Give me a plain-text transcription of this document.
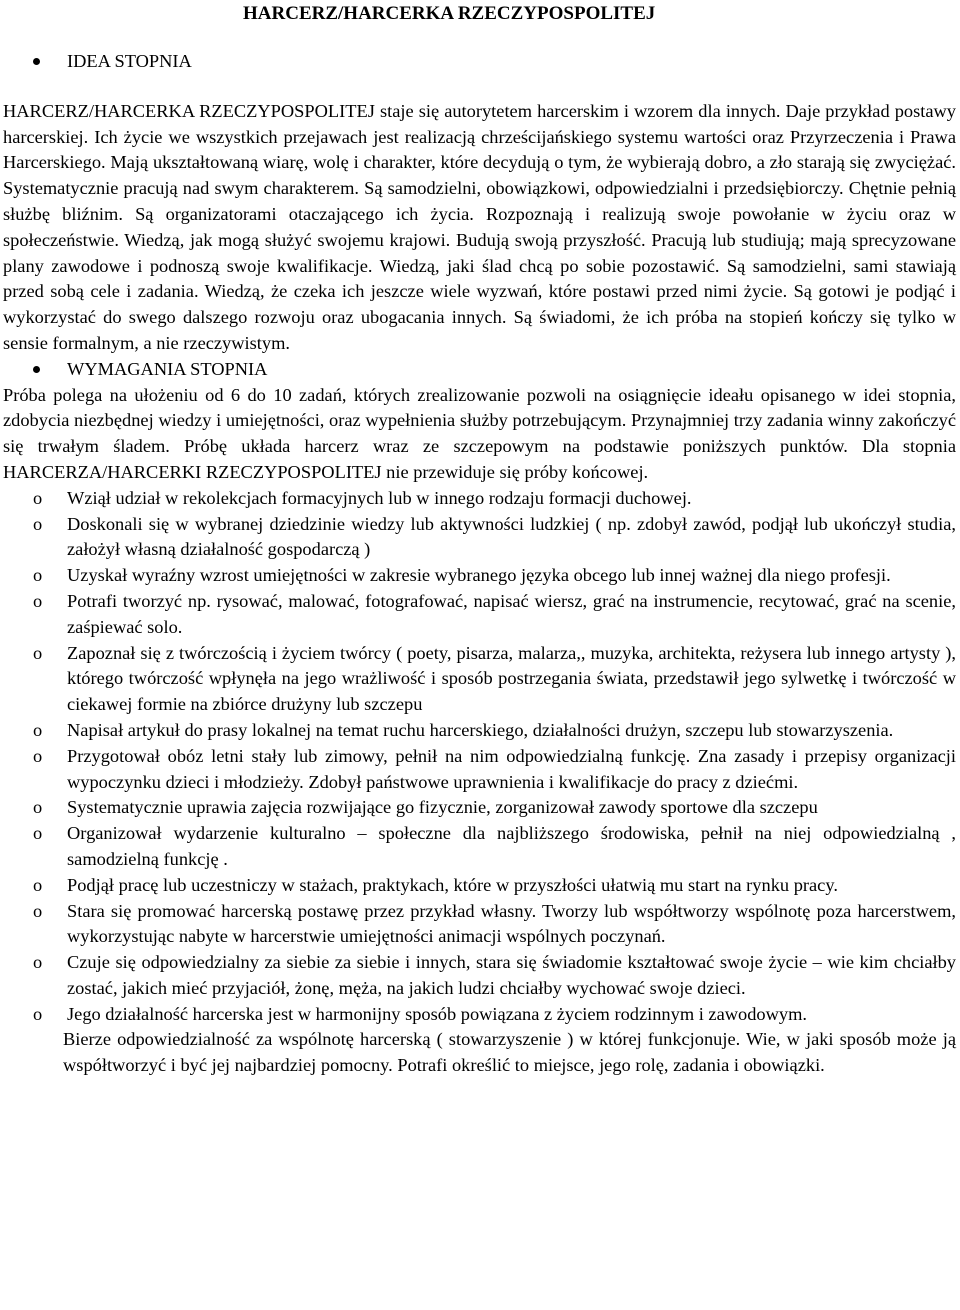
HARCERZ/HARCERKA RZECZYPOSPOLITEJ
IDEA STOPNIA

HARCERZ/HARCERKA RZECZYPOSPOLITEJ staje się autorytetem harcerskim i wzorem dla innych. Daje przykład postawy harcerskiej. Ich życie we wszystkich przejawach jest realizacją chrześcijańskiego systemu wartości oraz Przyrzeczenia i Prawa Harcerskiego. Mają ukształtowaną wiarę, wolę i charakter, które decydują o tym, że wybierają dobro, a zło starają się zwyciężać. Systematycznie pracują nad swym charakterem. Są samodzielni, obowiązkowi, odpowiedzialni i przedsiębiorczy. Chętnie pełnią służbę bliźnim. Są organizatorami otaczającego ich życia. Rozpoznają i realizują swoje powołanie w życiu oraz w społeczeństwie. Wiedzą, jak mogą służyć swojemu krajowi. Budują swoją przyszłość. Pracują lub studiują; mają sprecyzowane plany zawodowe i podnoszą swoje kwalifikacje. Wiedzą, jaki ślad chcą po sobie pozostawić. Są samodzielni, sami stawiają przed sobą cele i zadania. Wiedzą, że czeka ich jeszcze wiele wyzwań, które postawi przed nimi życie. Są gotowi je podjąć i wykorzystać do swego dalszego rozwoju oraz ubogacania innych. Są świadomi, że ich próba na stopień kończy się tylko w sensie formalnym, a nie rzeczywistym.

WYMAGANIA STOPNIA

Próba polega na ułożeniu od 6 do 10 zadań, których zrealizowanie pozwoli na osiągnięcie ideału opisanego w idei stopnia, zdobycia niezbędnej wiedzy i umiejętności, oraz wypełnienia służby potrzebującym. Przynajmniej trzy zadania winny zakończyć się trwałym śladem. Próbę układa harcerz wraz ze szczepowym na podstawie poniższych punktów. Dla stopnia HARCERZA/HARCERKI RZECZYPOSPOLITEJ nie przewiduje się próby końcowej.

o Wziął udział w rekolekcjach formacyjnych lub w innego rodzaju formacji duchowej.
o Doskonali się w wybranej dziedzinie wiedzy lub aktywności ludzkiej ( np. zdobył zawód, podjął lub ukończył studia, założył własną działalność gospodarczą )
o Uzyskał wyraźny wzrost umiejętności w zakresie wybranego języka obcego lub innej ważnej dla niego profesji.
o Potrafi tworzyć np. rysować, malować, fotografować, napisać wiersz, grać na instrumencie, recytować, grać na scenie, zaśpiewać solo.
o Zapoznał się z twórczością i życiem twórcy ( poety, pisarza, malarza,, muzyka, architekta, reżysera lub innego artysty ), którego twórczość wpłynęła na jego wrażliwość i sposób postrzegania świata, przedstawił jego sylwetkę i twórczość w ciekawej formie na zbiórce drużyny lub szczepu
o Napisał artykuł do prasy lokalnej na temat ruchu harcerskiego, działalności drużyn, szczepu lub stowarzyszenia.
o Przygotował obóz letni stały lub zimowy, pełnił na nim odpowiedzialną funkcję. Zna zasady i przepisy organizacji wypoczynku dzieci i młodzieży. Zdobył państwowe uprawnienia i kwalifikacje do pracy z dziećmi.
o Systematycznie uprawia zajęcia rozwijające go fizycznie, zorganizował zawody sportowe dla szczepu
o Organizował wydarzenie kulturalno – społeczne dla najbliższego środowiska, pełnił na niej odpowiedzialną , samodzielną funkcję .
o Podjął pracę lub uczestniczy w stażach, praktykach, które w przyszłości ułatwią mu start na rynku pracy.
o Stara się promować harcerską postawę przez przykład własny. Tworzy lub współtworzy wspólnotę poza harcerstwem, wykorzystując nabyte w harcerstwie umiejętności animacji wspólnych poczynań.
o Czuje się odpowiedzialny za siebie za siebie i innych, stara się świadomie kształtować swoje życie – wie kim chciałby zostać, jakich mieć przyjaciół, żonę, męża, na jakich ludzi chciałby wychować swoje dzieci.
o Jego działalność harcerska jest w harmonijny sposób powiązana z życiem rodzinnym i zawodowym.

Bierze odpowiedzialność za wspólnotę harcerską ( stowarzyszenie ) w której funkcjonuje. Wie, w jaki sposób może ją współtworzyć i być jej najbardziej pomocny. Potrafi określić to miejsce, jego rolę, zadania i obowiązki.
